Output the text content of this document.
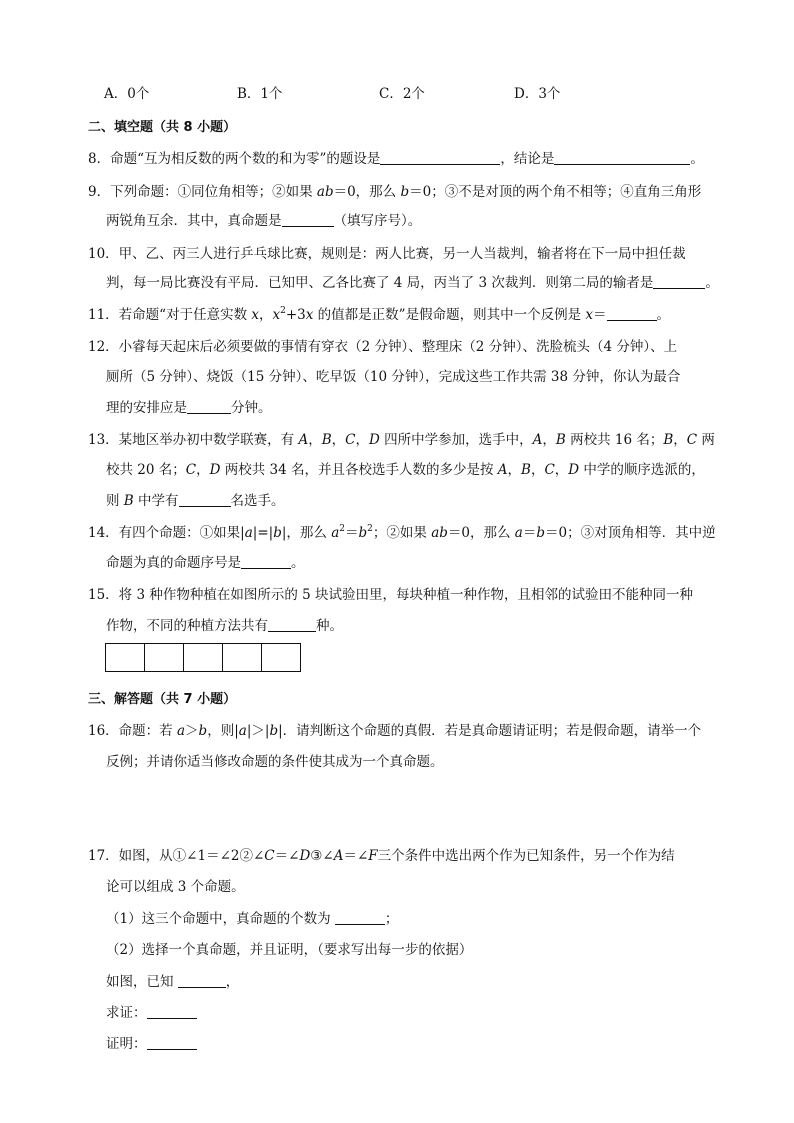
A．0个	B．1个	C．2个	D．3个
二、填空题（共 8 小题）
8．命题“互为相反数的两个数的和为零”的题设是	，结论是	。
9．下列命题：①同位角相等；②如果 ab＝0，那么 b＝0；③不是对顶的两个角不相等；④直角三角形
两锐角互余．其中，真命题是	（填写序号）。
10．甲、乙、丙三人进行乒乓球比赛，规则是：两人比赛，另一人当裁判，输者将在下一局中担任裁
判，每一局比赛没有平局．已知甲、乙各比赛了 4 局，丙当了 3 次裁判．则第二局的输者是	。
11．若命题“对于任意实数 x，$x^2+3x$ 的值都是正数”是假命题，则其中一个反例是 x＝	。
12．小睿每天起床后必须要做的事情有穿衣（2 分钟）、整理床（2 分钟）、洗脸梳头（4 分钟）、上
厕所（5 分钟）、烧饭（15 分钟）、吃早饭（10 分钟），完成这些工作共需 38 分钟，你认为最合
理的安排应是	分钟。
13．某地区举办初中数学联赛，有 A，B，C，D 四所中学参加，选手中，A，B 两校共 16 名；B，C 两
校共 20 名；C，D 两校共 34 名，并且各校选手人数的多少是按 A，B，C，D 中学的顺序选派的，
则 B 中学有	名选手。
14．有四个命题：①如果|a|=|b|，那么 $a^2=b^2$；②如果 ab＝0，那么 a＝b＝0；③对顶角相等．其中逆
命题为真的命题序号是	。
15．将 3 种作物种植在如图所示的 5 块试验田里，每块种植一种作物，且相邻的试验田不能种同一种
作物，不同的种植方法共有	种。
三、解答题（共 7 小题）
16．命题：若 a＞b，则|a|＞|b|．请判断这个命题的真假．若是真命题请证明；若是假命题，请举一个
反例；并请你适当修改命题的条件使其成为一个真命题。
17．如图，从①∠1＝∠2②∠C＝∠D③∠A＝∠F三个条件中选出两个作为已知条件，另一个作为结
论可以组成 3 个命题。
（1）这三个命题中，真命题的个数为	；
（2）选择一个真命题，并且证明，（要求写出每一步的依据）
如图，已知	，
求证：
证明：
